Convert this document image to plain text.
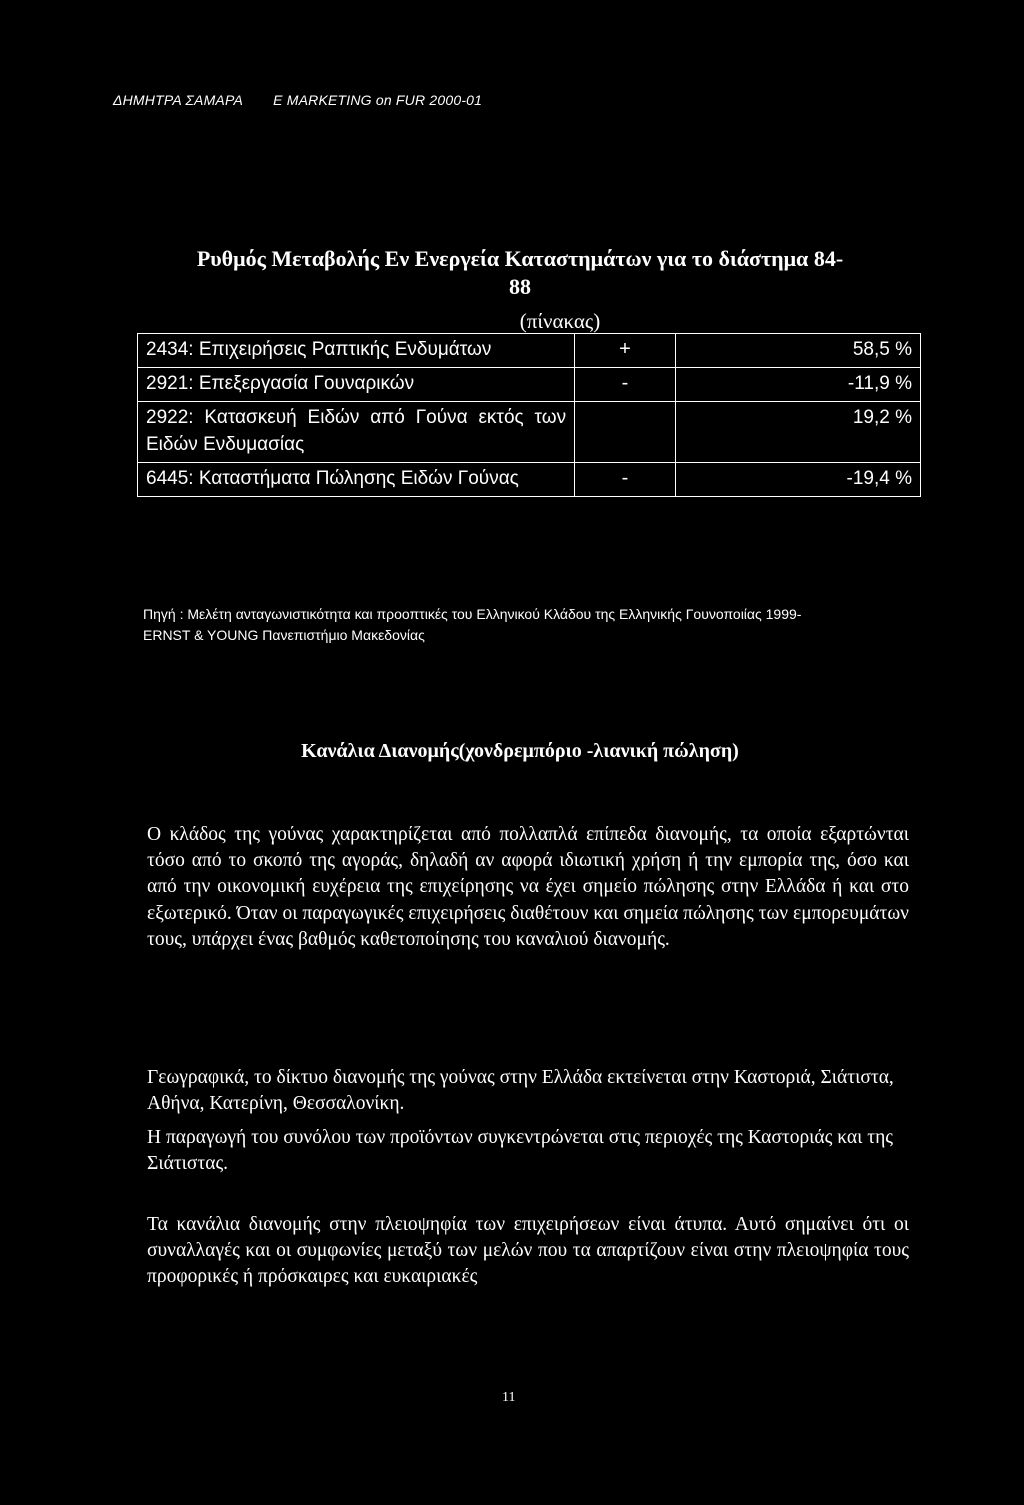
ΔΗΜΗΤΡΑ ΣΑΜΑΡΑ E MARKETING on FUR 2000-01
Ρυθμός Μεταβολής Εν Ενεργεία Καταστημάτων για το διάστημα 84-
88
(πίνακας)
2434: Επιχειρήσεις Ραπτικής Ενδυμάτων	+	58,5 %
2921: Επεξεργασία Γουναρικών	-	-11,9 %
2922: Κατασκευή Ειδών από Γούνα εκτός των Ειδών Ενδυμασίας		19,2 %
6445: Καταστήματα Πώλησης Ειδών Γούνας	-	-19,4 %
Πηγή : Μελέτη ανταγωνιστικότητα και προοπτικές του Ελληνικού Κλάδου της Ελληνικής Γουνοποιίας 1999-ERNST & YOUNG Πανεπιστήμιο Μακεδονίας
Κανάλια Διανομής(χονδρεμπόριο -λιανική πώληση)

Ο κλάδος της γούνας χαρακτηρίζεται από πολλαπλά επίπεδα διανομής, τα οποία εξαρτώνται τόσο από το σκοπό της αγοράς, δηλαδή αν αφορά ιδιωτική χρήση ή την εμπορία της, όσο και από την οικονομική ευχέρεια της επιχείρησης να έχει σημείο πώλησης στην Ελλάδα ή και στο εξωτερικό. Όταν οι παραγωγικές επιχειρήσεις διαθέτουν και σημεία πώλησης των εμπορευμάτων τους, υπάρχει ένας βαθμός καθετοποίησης του καναλιού διανομής.

Γεωγραφικά, το δίκτυο διανομής της γούνας στην Ελλάδα εκτείνεται στην Καστοριά, Σιάτιστα, Αθήνα, Κατερίνη, Θεσσαλονίκη.

Η παραγωγή του συνόλου των προϊόντων συγκεντρώνεται στις περιοχές της Καστοριάς και της Σιάτιστας.

Τα κανάλια διανομής στην πλειοψηφία των επιχειρήσεων είναι άτυπα. Αυτό σημαίνει ότι οι συναλλαγές και οι συμφωνίες μεταξύ των μελών που τα απαρτίζουν είναι στην πλειοψηφία τους προφορικές ή πρόσκαιρες και ευκαιριακές

11
